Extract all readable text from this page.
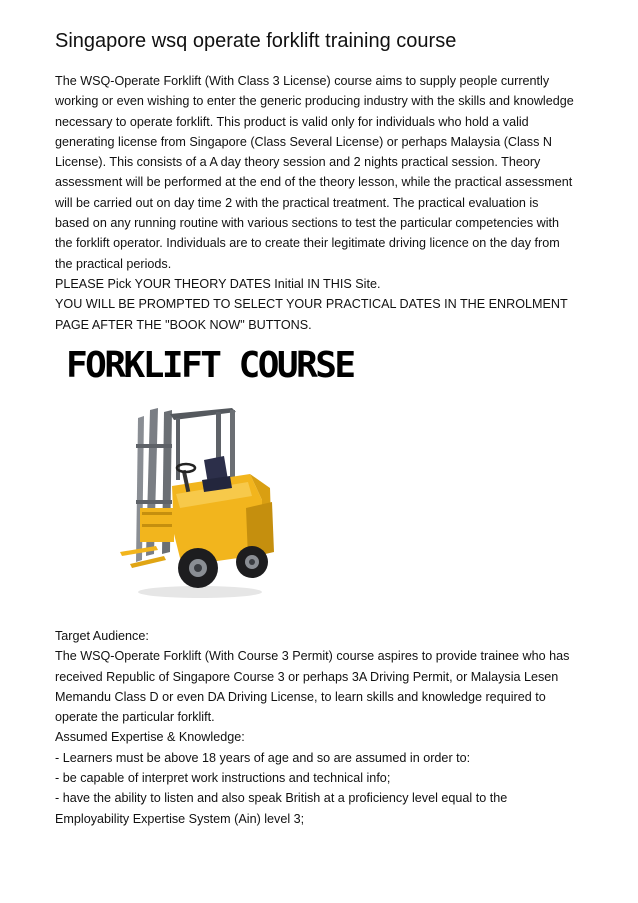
Singapore wsq operate forklift training course

The WSQ-Operate Forklift (With Class 3 License) course aims to supply people currently

working or even wishing to enter the generic producing industry with the skills and knowledge

necessary to operate forklift. This product is valid only for individuals who hold a valid

generating license from Singapore (Class Several License) or perhaps Malaysia (Class N

License). This consists of a A day theory session and 2 nights practical session. Theory

assessment will be performed at the end of the theory lesson, while the practical assessment

will be carried out on day time 2 with the practical treatment. The practical evaluation is

based on any running routine with various sections to test the particular competencies with

the forklift operator. Individuals are to create their legitimate driving licence on the day from

the practical periods.

PLEASE Pick YOUR THEORY DATES Initial IN THIS Site.

YOU WILL BE PROMPTED TO SELECT YOUR PRACTICAL DATES IN THE ENROLMENT

PAGE AFTER THE "BOOK NOW" BUTTONS.

FORKLIFT COURSE

Target Audience:

The WSQ-Operate Forklift (With Course 3 Permit) course aspires to provide trainee who has

received Republic of Singapore Course 3 or perhaps 3A Driving Permit, or Malaysia Lesen

Memandu Class D or even DA Driving License, to learn skills and knowledge required to

operate the particular forklift.

Assumed Expertise & Knowledge:

- Learners must be above 18 years of age and so are assumed in order to:

- be capable of interpret work instructions and technical info;

- have the ability to listen and also speak British at a proficiency level equal to the

Employability Expertise System (Ain) level 3;
